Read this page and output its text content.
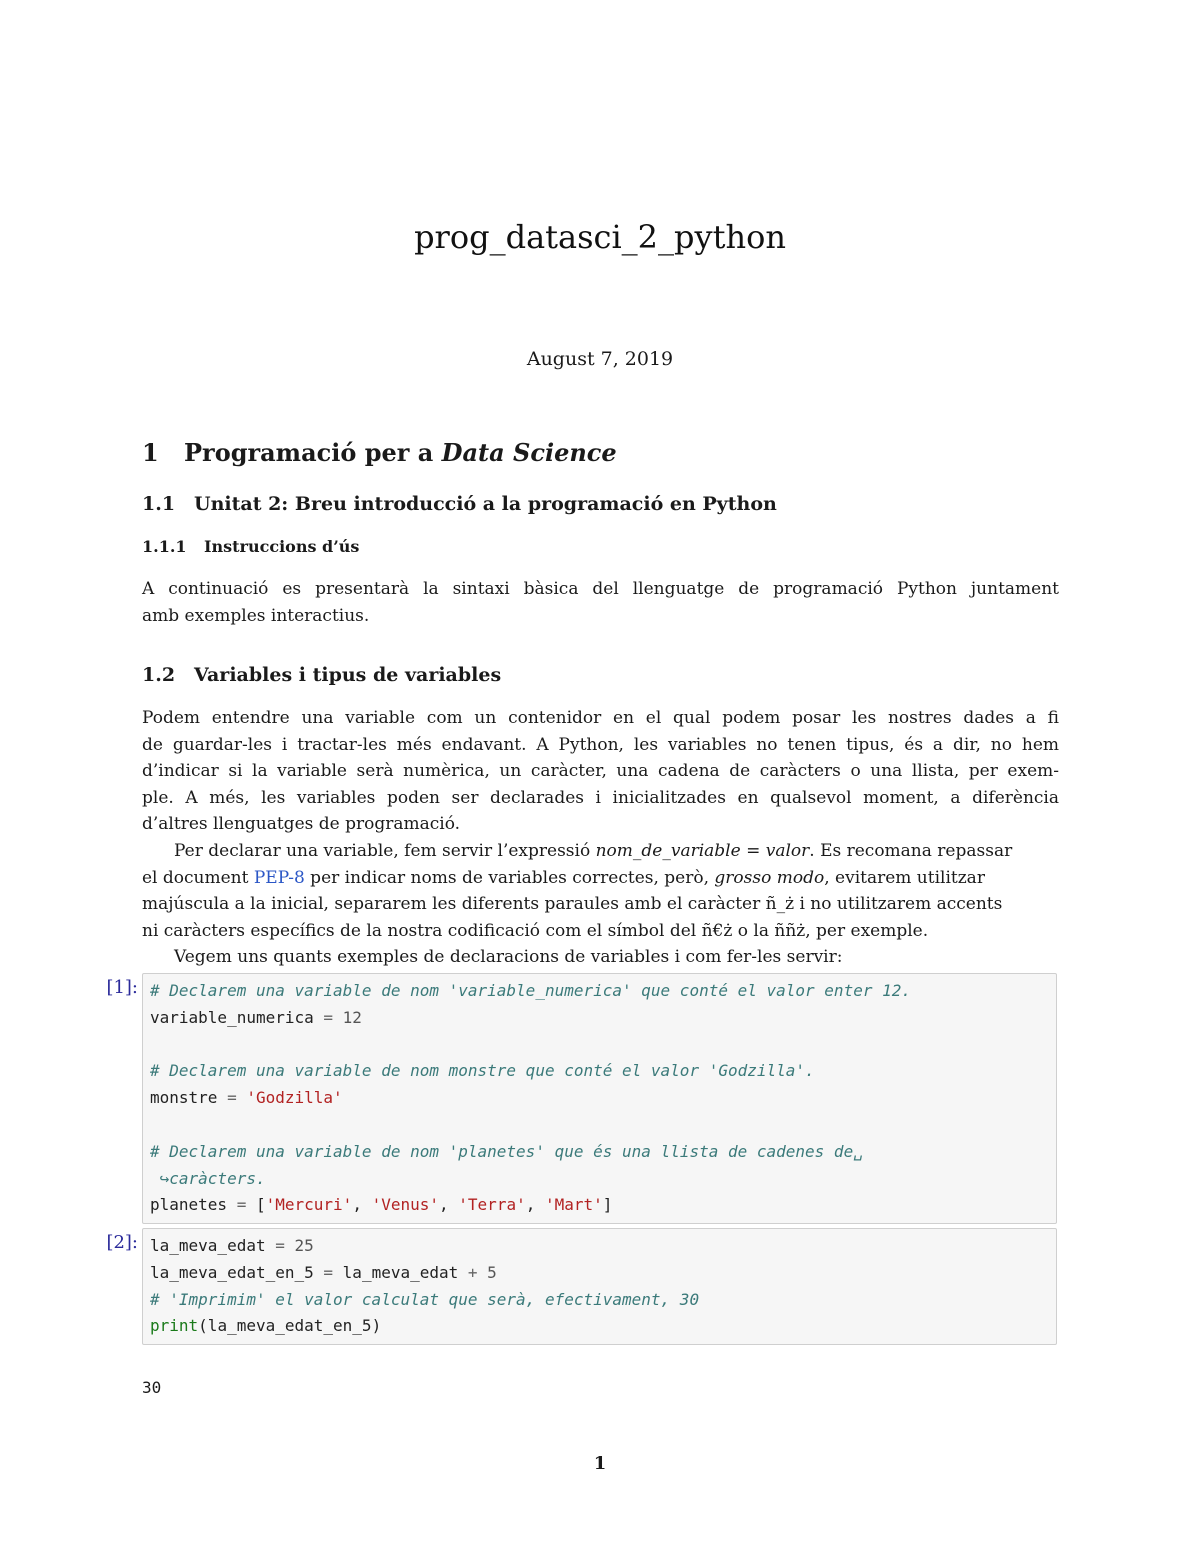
prog_datasci_2_python
August 7, 2019
1 Programació per a Data Science
1.1 Unitat 2: Breu introducció a la programació en Python
1.1.1 Instruccions d’ús
A continuació es presentarà la sintaxi bàsica del llenguatge de programació Python juntament
amb exemples interactius.
1.2 Variables i tipus de variables
Podem entendre una variable com un contenidor en el qual podem posar les nostres dades a fi
de guardar-les i tractar-les més endavant. A Python, les variables no tenen tipus, és a dir, no hem
d’indicar si la variable serà numèrica, un caràcter, una cadena de caràcters o una llista, per exem-
ple. A més, les variables poden ser declarades i inicialitzades en qualsevol moment, a diferència
d’altres llenguatges de programació.
Per declarar una variable, fem servir l’expressió nom_de_variable = valor. Es recomana repassar
el document PEP-8 per indicar noms de variables correctes, però, grosso modo, evitarem utilitzar
majúscula a la inicial, separarem les diferents paraules amb el caràcter ñ_ż i no utilitzarem accents
ni caràcters específics de la nostra codificació com el símbol del ñ€ż o la ññż, per exemple.
Vegem uns quants exemples de declaracions de variables i com fer-les servir:
[1]: # Declarem una variable de nom 'variable_numerica' que conté el valor enter 12.
variable_numerica = 12
# Declarem una variable de nom monstre que conté el valor 'Godzilla'.
monstre = 'Godzilla'
# Declarem una variable de nom 'planetes' que és una llista de cadenes de␣
↪caràcters.
planetes = ['Mercuri', 'Venus', 'Terra', 'Mart']
[2]: la_meva_edat = 25
la_meva_edat_en_5 = la_meva_edat + 5
# 'Imprimim' el valor calculat que serà, efectivament, 30
print(la_meva_edat_en_5)
30
1
